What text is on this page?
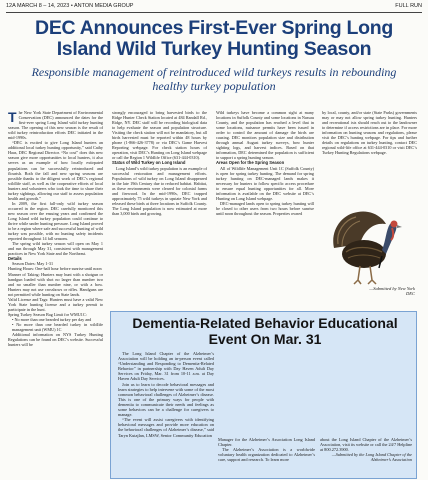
12A MARCH 8 – 14, 2023 • ANTON MEDIA GROUP	FULL RUN
DEC Announces First-Ever Spring Long Island Wild Turkey Hunting Season
Responsible management of reintroduced wild turkeys results in rebounding healthy turkey population

The New York State Department of Environmental Conservation (DEC) announced the dates for the first-ever spring Long Island wild turkey hunting season. The opening of this new season is the result of wild turkey reintroduction efforts DEC initiated in the mid-1990s.

“DEC is excited to give Long Island hunters an additional local turkey hunting opportunity,” said Cathy Haas, DEC Regional Director. “No cost” does this new season give more opportunities to local hunters, it also serves as an example of how locally extirpated populations can be successfully reintroduced and flourish. Both the fall and new spring seasons are possible thanks to the diligent work of DEC’s regional wildlife staff, as well as the cooperative efforts of local hunters and volunteers who took the time to share their turkey sightings, allowing our staff to assess population health and growth.”

In 2009, the first fall-only wild turkey season occurred in the region. DEC carefully monitored this new season over the ensuing years and confirmed the Long Island wild turkey population could continue to thrive while under hunting pressure. Long Island proved to be a region where safe and successful hunting of wild turkey was possible, with no hunting safety incidents reported throughout 14 fall seasons.

The spring wild turkey season will open on May 1 and run through May 31, consistent with management practices in New York State and the Northeast.

Details

Season Dates: May 1-31
Hunting Hours: One-half hour before sunrise until noon
Manner of Taking: Hunters may hunt with a shotgun or handgun loaded with shot no larger than number two and no smaller than number nine, or with a bow. Hunters may not use crossbows or rifles. Handguns are not permitted while hunting on State lands.
Valid License and Tags: Hunters must have a valid New York State hunting license and a turkey permit to participate in the hunt.
Spring Turkey Season Bag Limit for WMU1C:

• No more than one bearded turkey per day and

• No more than one bearded turkey in wildlife management unit (WMU) 1C

Additional information on NYS Turkey Hunting Regulations can be found on DEC’s website. Successful hunters will be

strongly encouraged to bring harvested birds to the Ridge Hunter Check Station located at 484 Randall Rd., Ridge, NY. DEC staff will be recording biological data to help evaluate the season and population structure. Visiting the check station will not be mandatory, but all birds harvested must be reported within 48 hours by phone (1-866-426-3778) or via DEC’s Game Harvest Reporting webpage. For check station hours of operation, visit DEC’s Hunting on Long Island webpage or call the Region 1 Wildlife Office (631-444-0310).

Status of Wild Turkey on Long Island

Long Island’s wild turkey population is an example of successful restoration and management efforts. Populations of wild turkey on Long Island disappeared in the late 19th Century due to reduced habitat. Habitat, as these environments were cleared for colonial farms and firewood. In the mid-1990s, DEC trapped approximately 75 wild turkeys in upstate New York and released these birds at three locations in Suffolk County. The Long Island population is now estimated at more than 3,000 birds and growing.

Wild turkeys have become a common sight at many locations in Suffolk County and some locations in Nassau County, and the population has reached a level that in some locations, nuisance permits have been issued in order to control the amount of damage the birds are causing. DEC monitors population size and distribution through annual August turkey surveys, bow hunter sighting logs, and harvest indices. Based on that information, DEC determined the population is sufficient to support a spring hunting season.

Areas Open for the Spring Season

All of Wildlife Management Unit 1C (Suffolk County) is open for spring turkey hunting. The demand for spring turkey hunting on DEC-managed lands makes it necessary for hunters to follow specific access procedure to ensure equal hunting opportunities for all. More information is available on the DEC website at DEC’s Hunting on Long Island webpage.

DEC-managed lands open to spring turkey hunting will be closed to other users from two hours before sunrise until noon throughout the season. Properties owned

by local, county, and/or state (State Parks) governments may or may not allow spring turkey hunting. Hunters and recreational ists should reach out to the landowner to determine if access restrictions are in place. For more information on hunting seasons and regulations, please visit the DEC’s hunting webpage. For tips and further details on regulations on turkey hunting, contact DEC regional wild-life office at 631-444-0310 or visit DEC’s Turkey Hunting Regulations webpage.

—Submitted by New York DEC
Dementia-Related Behavior Educational Event On Mar. 31

The Long Island Chapter of the Alzheimer’s Association will be holding an in-person event called “Understanding and Responding to Dementia-Related Behavior” in partnership with Day Haven Adult Day Services on Friday, Mar. 31 from 10-11 a.m. at Day Haven Adult Day Services.

Join us to learn to decode behavioral messages and learn strategies to help intervene with some of the most common behavioral challenges of Alzheimer’s disease. This is one of the primary ways for people with dementia to communicate their needs and feelings as some behaviors can be a challenge for caregivers to manage.

“The event will assist caregivers with identifying behavioral messages and provide more education on the behavioral challenges of Alzheimer’s disease,” said Taryn Kutajlan, LMSW, Senior Community Education

Manager for the Alzheimer’s Association Long Island Chapter.

The Alzheimer’s Association is a worldwide voluntary health organization dedicated to Alzheimer’s care, support and research. To learn more

about the Long Island Chapter of the Alzheimer’s Association, visit its website or call the 24/7 Helpline at 800.272.3900.

—Submitted by the Long Island Chapter of the Alzheimer’s Association
